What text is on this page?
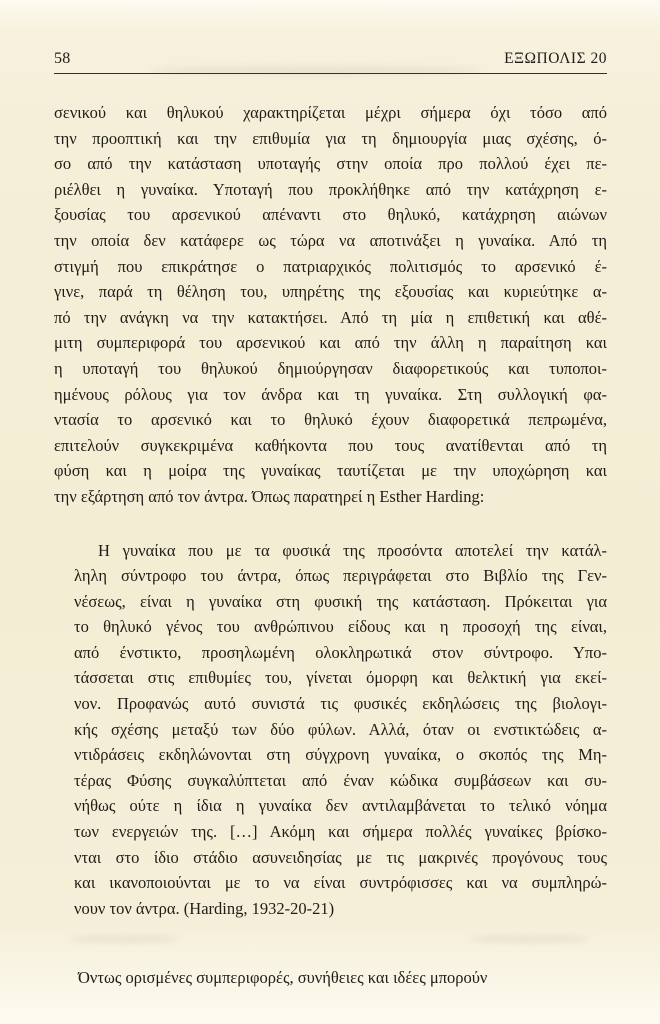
58	ΕΞΩΠΟΛΙΣ 20
σενικού και θηλυκού χαρακτηρίζεται μέχρι σήμερα όχι τόσο από
την προοπτική και την επιθυμία για τη δημιουργία μιας σχέσης, ό-
σο από την κατάσταση υποταγής στην οποία προ πολλού έχει πε-
ριέλθει η γυναίκα. Υποταγή που προκλήθηκε από την κατάχρηση ε-
ξουσίας του αρσενικού απέναντι στο θηλυκό, κατάχρηση αιώνων
την οποία δεν κατάφερε ως τώρα να αποτινάξει η γυναίκα. Από τη
στιγμή που επικράτησε ο πατριαρχικός πολιτισμός το αρσενικό έ-
γινε, παρά τη θέληση του, υπηρέτης της εξουσίας και κυριεύτηκε α-
πό την ανάγκη να την κατακτήσει. Από τη μία η επιθετική και αθέ-
μιτη συμπεριφορά του αρσενικού και από την άλλη η παραίτηση και
η υποταγή του θηλυκού δημιούργησαν διαφορετικούς και τυποποι-
ημένους ρόλους για τον άνδρα και τη γυναίκα. Στη συλλογική φα-
ντασία το αρσενικό και το θηλυκό έχουν διαφορετικά πεπρωμένα,
επιτελούν συγκεκριμένα καθήκοντα που τους ανατίθενται από τη
φύση και η μοίρα της γυναίκας ταυτίζεται με την υποχώρηση και
την εξάρτηση από τον άντρα. Όπως παρατηρεί η Esther Harding:
Η γυναίκα που με τα φυσικά της προσόντα αποτελεί την κατάλ-
ληλη σύντροφο του άντρα, όπως περιγράφεται στο Βιβλίο της Γεν-
νέσεως, είναι η γυναίκα στη φυσική της κατάσταση. Πρόκειται για
το θηλυκό γένος του ανθρώπινου είδους και η προσοχή της είναι,
από ένστικτο, προσηλωμένη ολοκληρωτικά στον σύντροφο. Υπο-
τάσσεται στις επιθυμίες του, γίνεται όμορφη και θελκτική για εκεί-
νον. Προφανώς αυτό συνιστά τις φυσικές εκδηλώσεις της βιολογι-
κής σχέσης μεταξύ των δύο φύλων. Αλλά, όταν οι ενστικτώδεις α-
ντιδράσεις εκδηλώνονται στη σύγχρονη γυναίκα, ο σκοπός της Μη-
τέρας Φύσης συγκαλύπτεται από έναν κώδικα συμβάσεων και συ-
νήθως ούτε η ίδια η γυναίκα δεν αντιλαμβάνεται το τελικό νόημα
των ενεργειών της. […] Ακόμη και σήμερα πολλές γυναίκες βρίσκο-
νται στο ίδιο στάδιο ασυνειδησίας με τις μακρινές προγόνους τους
και ικανοποιούνται με το να είναι συντρόφισσες και να συμπληρώ-
νουν τον άντρα. (Harding, 1932-20-21)
Όντως ορισμένες συμπεριφορές, συνήθειες και ιδέες μπορούν
